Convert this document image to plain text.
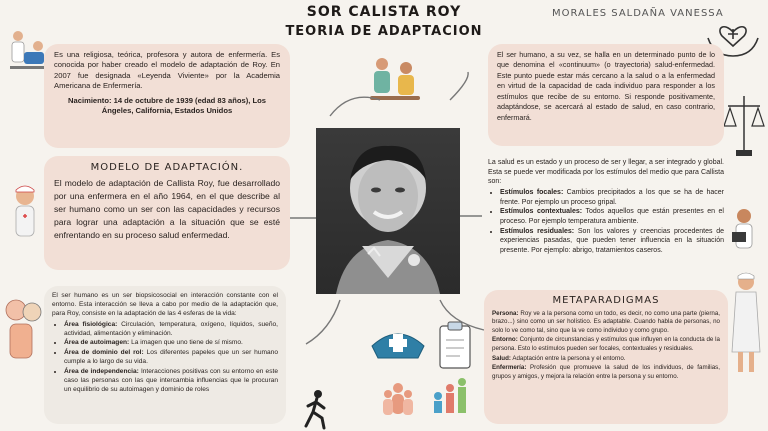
SOR CALISTA ROY
TEORIA DE ADAPTACION
MORALES SALDAÑA VANESSA

Es una religiosa, teórica, profesora y autora de enfermería. Es conocida por haber creado el modelo de adaptación de Roy. En 2007 fue designada «Leyenda Viviente» por la Academia Americana de Enfermería.

Nacimiento: 14 de octubre de 1939 (edad 83 años), Los Ángeles, California, Estados Unidos

MODELO DE ADAPTACIÓN.

El modelo de adaptación de Callista Roy, fue desarrollado por una enfermera en el año 1964, en el que describe al ser humano como un ser con las capacidades y recursos para lograr una adaptación a la situación que se esté enfrentando en su proceso salud enfermedad.

El ser humano es un ser biopsicosocial en interacción constante con el entorno. Esta interacción se lleva a cabo por medio de la adaptación que, para Roy, consiste en la adaptación de las 4 esferas de la vida:

• Área fisiológica: Circulación, temperatura, oxígeno, líquidos, sueño, actividad, alimentación y eliminación.
• Área de autoimagen: La imagen que uno tiene de sí mismo.
• Área de dominio del rol: Los diferentes papeles que un ser humano cumple a lo largo de su vida.
• Área de independencia: Interacciones positivas con su entorno en este caso las personas con las que intercambia influencias que le procuran un equilibrio de su autoimagen y dominio de roles

El ser humano, a su vez, se halla en un determinado punto de lo que denomina el «continuum» (o trayectoria) salud-enfermedad. Este punto puede estar más cercano a la salud o a la enfermedad en virtud de la capacidad de cada individuo para responder a los estímulos que recibe de su entorno. Si responde positivamente, adaptándose, se acercará al estado de salud, en caso contrario, enfermará.

La salud es un estado y un proceso de ser y llegar, a ser integrado y global. Esta se puede ver modificada por los estímulos del medio que para Callista son:

• Estímulos focales: Cambios precipitados a los que se ha de hacer frente. Por ejemplo un proceso gripal.
• Estímulos contextuales: Todos aquellos que están presentes en el proceso. Por ejemplo temperatura ambiente.
• Estímulos residuales: Son los valores y creencias procedentes de experiencias pasadas, que pueden tener influencia en la situación presente. Por ejemplo: abrigo, tratamientos caseros.
METAPARADIGMAS

Persona: Roy ve a la persona como un todo, es decir, no como una parte (pierna, brazo...) sino como un ser holístico. Es adaptable. Cuando habla de personas, no solo lo ve como tal, sino que la ve como individuo y como grupo.

Entorno: Conjunto de circunstancias y estímulos que influyen en la conducta de la persona. Esto lo estímulos pueden ser focales, contextuales y residuales.

Salud: Adaptación entre la persona y el entorno.

Enfermería: Profesión que promueve la salud de los individuos, de familias, grupos y amigos, y mejora la relación entre la persona y su entorno.
